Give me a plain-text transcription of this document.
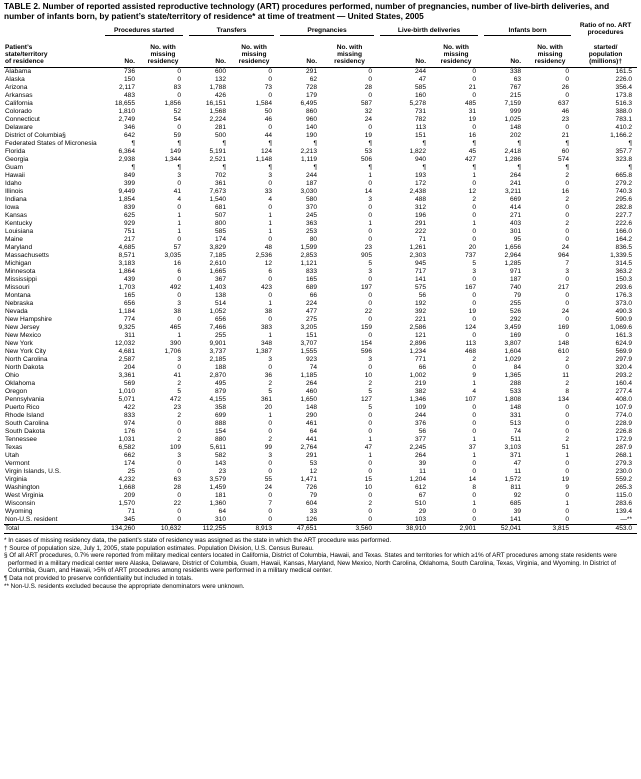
TABLE 2. Number of reported assisted reproductive technology (ART) procedures performed, number of pregnancies, number of live-birth deliveries, and number of infants born, by patient’s state/territory of residence* at time of treatment — United States, 2005
	Procedures started		Transfers		Pregnancies		Live-birth deliveries		Infants born		Ratio of no. ART procedures
Patient’s
state/territory
of residence	No.	No. with
missing
residency	No.	No. with
missing
residency	No.	No. with
missing
residency	No.	No. with
missing
residency	No.	No. with
missing
residency	started/
population
(millions)†
Alabama	736	0	600	0	291	0	244	0	338	0	161.5
Alaska	150	0	132	0	62	0	47	0	63	0	226.0
Arizona	2,117	83	1,788	73	728	28	585	21	767	26	356.4
Arkansas	483	0	426	0	179	0	160	0	215	0	173.8
California	18,655	1,856	16,151	1,584	6,495	587	5,278	485	7,159	637	516.3
Colorado	1,810	52	1,568	50	860	32	731	31	999	46	388.0
Connecticut	2,749	54	2,224	46	960	24	782	19	1,025	23	783.1
Delaware	346	0	281	0	140	0	113	0	148	0	410.2
District of Columbia§	642	59	500	44	190	19	151	16	202	21	1,166.2
Federated States of Micronesia	¶	¶	¶	¶	¶	¶	¶	¶	¶	¶	¶
Florida	6,364	149	5,191	124	2,213	53	1,822	45	2,418	60	357.7
Georgia	2,938	1,344	2,521	1,148	1,119	506	940	427	1,286	574	323.8
Guam	¶	¶	¶	¶	¶	¶	¶	¶	¶	¶	¶
Hawaii	849	3	702	3	244	1	193	1	264	2	665.8
Idaho	399	0	361	0	187	0	172	0	241	0	279.2
Illinois	9,449	41	7,673	33	3,030	14	2,438	12	3,211	16	740.3
Indiana	1,854	4	1,540	4	580	3	488	2	669	2	295.6
Iowa	839	0	681	0	370	0	312	0	414	0	282.8
Kansas	625	1	507	1	245	0	196	0	271	0	227.7
Kentucky	929	1	800	1	363	1	291	1	403	2	222.6
Louisiana	751	1	585	1	253	0	222	0	301	0	166.0
Maine	217	0	174	0	80	0	71	0	95	0	164.2
Maryland	4,685	57	3,829	48	1,599	23	1,261	20	1,656	24	836.5
Massachusetts	8,571	3,035	7,185	2,536	2,853	905	2,303	737	2,964	964	1,339.5
Michigan	3,183	16	2,610	12	1,121	5	945	5	1,285	7	314.5
Minnesota	1,864	6	1,665	6	833	3	717	3	971	3	363.2
Mississippi	439	0	367	0	165	0	141	0	187	0	150.3
Missouri	1,703	492	1,403	423	689	197	575	167	740	217	293.6
Montana	165	0	138	0	66	0	56	0	79	0	176.3
Nebraska	656	3	514	1	224	0	192	0	255	0	373.0
Nevada	1,184	38	1,052	38	477	22	392	19	526	24	490.3
New Hampshire	774	0	656	0	275	0	221	0	292	0	590.9
New Jersey	9,325	465	7,466	383	3,205	159	2,586	124	3,459	169	1,069.6
New Mexico	311	1	255	1	151	0	121	0	169	0	161.3
New York	12,032	390	9,901	348	3,707	154	2,896	113	3,807	148	624.9
New York City	4,681	1,706	3,737	1,387	1,555	596	1,234	468	1,604	610	569.9
North Carolina	2,587	3	2,185	3	923	3	771	2	1,029	2	297.9
North Dakota	204	0	188	0	74	0	66	0	84	0	320.4
Ohio	3,361	41	2,870	36	1,185	10	1,002	9	1,365	11	293.2
Oklahoma	569	2	495	2	264	2	219	1	288	2	160.4
Oregon	1,010	5	879	5	460	5	382	4	533	8	277.4
Pennsylvania	5,071	472	4,155	361	1,650	127	1,346	107	1,808	134	408.0
Puerto Rico	422	23	358	20	148	5	109	0	148	0	107.9
Rhode Island	833	2	699	1	290	0	244	0	331	0	774.0
South Carolina	974	0	888	0	461	0	376	0	513	0	228.9
South Dakota	176	0	154	0	64	0	56	0	74	0	226.8
Tennessee	1,031	2	880	2	441	1	377	1	511	2	172.9
Texas	6,582	109	5,611	99	2,764	47	2,245	37	3,103	51	287.9
Utah	662	3	582	3	291	1	264	1	371	1	268.1
Vermont	174	0	143	0	53	0	39	0	47	0	279.3
Virgin Islands, U.S.	25	0	23	0	12	0	11	0	11	0	230.0
Virginia	4,232	63	3,579	55	1,471	15	1,204	14	1,572	19	559.2
Washington	1,668	28	1,459	24	726	10	612	8	811	9	265.3
West Virginia	209	0	181	0	79	0	67	0	92	0	115.0
Wisconsin	1,570	22	1,360	7	604	2	510	1	685	1	283.6
Wyoming	71	0	64	0	33	0	29	0	39	0	139.4
Non-U.S. resident	345	0	310	0	126	0	103	0	141	0	—**
Total	134,260	10,632	112,255	8,913	47,651	3,560	38,910	2,901	52,041	3,815	453.0

* In cases of missing residency data, the patient’s state of residency was assigned as the state in which the ART procedure was performed.

† Source of population size, July 1, 2005, state population estimates. Population Division, U.S. Census Bureau.

§ Of all ART procedures, 0.7% were reported from military medical centers located in California, District of Columbia, Hawaii, and Texas. States and territories for which ≥1% of ART procedures among state residents were performed in a military medical center were Alaska, Delaware, District of Columbia, Guam, Hawaii, Kansas, Maryland, New Mexico, North Carolina, Oklahoma, South Carolina, Texas, Virginia, and Wyoming. In District of Columbia, Guam, and Hawaii, >5% of ART procedures among residents were performed in a military medical center.

¶ Data not provided to preserve confidentiality but included in totals.

** Non-U.S. residents excluded because the appropriate denominators were unknown.
